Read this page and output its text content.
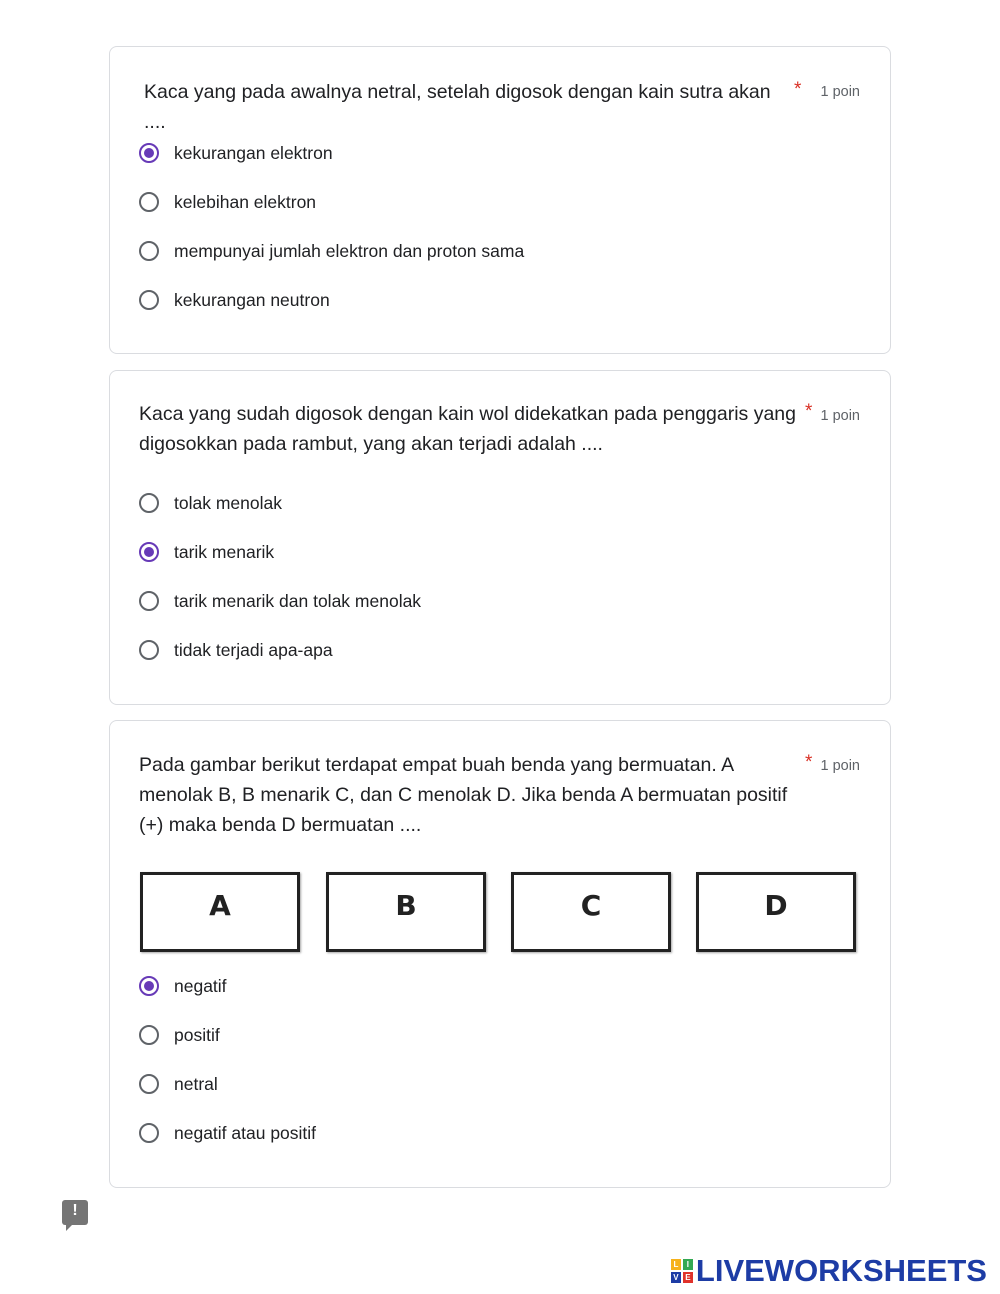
Kaca yang pada awalnya netral, setelah digosok dengan kain sutra akan ....
* 1 poin
kekurangan elektron
kelebihan elektron
mempunyai jumlah elektron dan proton sama
kekurangan neutron
Kaca yang sudah digosok dengan kain wol didekatkan pada penggaris yang digosokkan pada rambut, yang akan terjadi adalah ....
* 1 poin
tolak menolak
tarik menarik
tarik menarik dan tolak menolak
tidak terjadi apa-apa
Pada gambar berikut terdapat empat buah benda yang bermuatan. A menolak B, B menarik C, dan C menolak D. Jika benda A bermuatan positif (+) maka benda D bermuatan ....
* 1 poin
A	B	C	D
negatif
positif
netral
negatif atau positif
!
L	I
V E LIVEWORKSHEETS
